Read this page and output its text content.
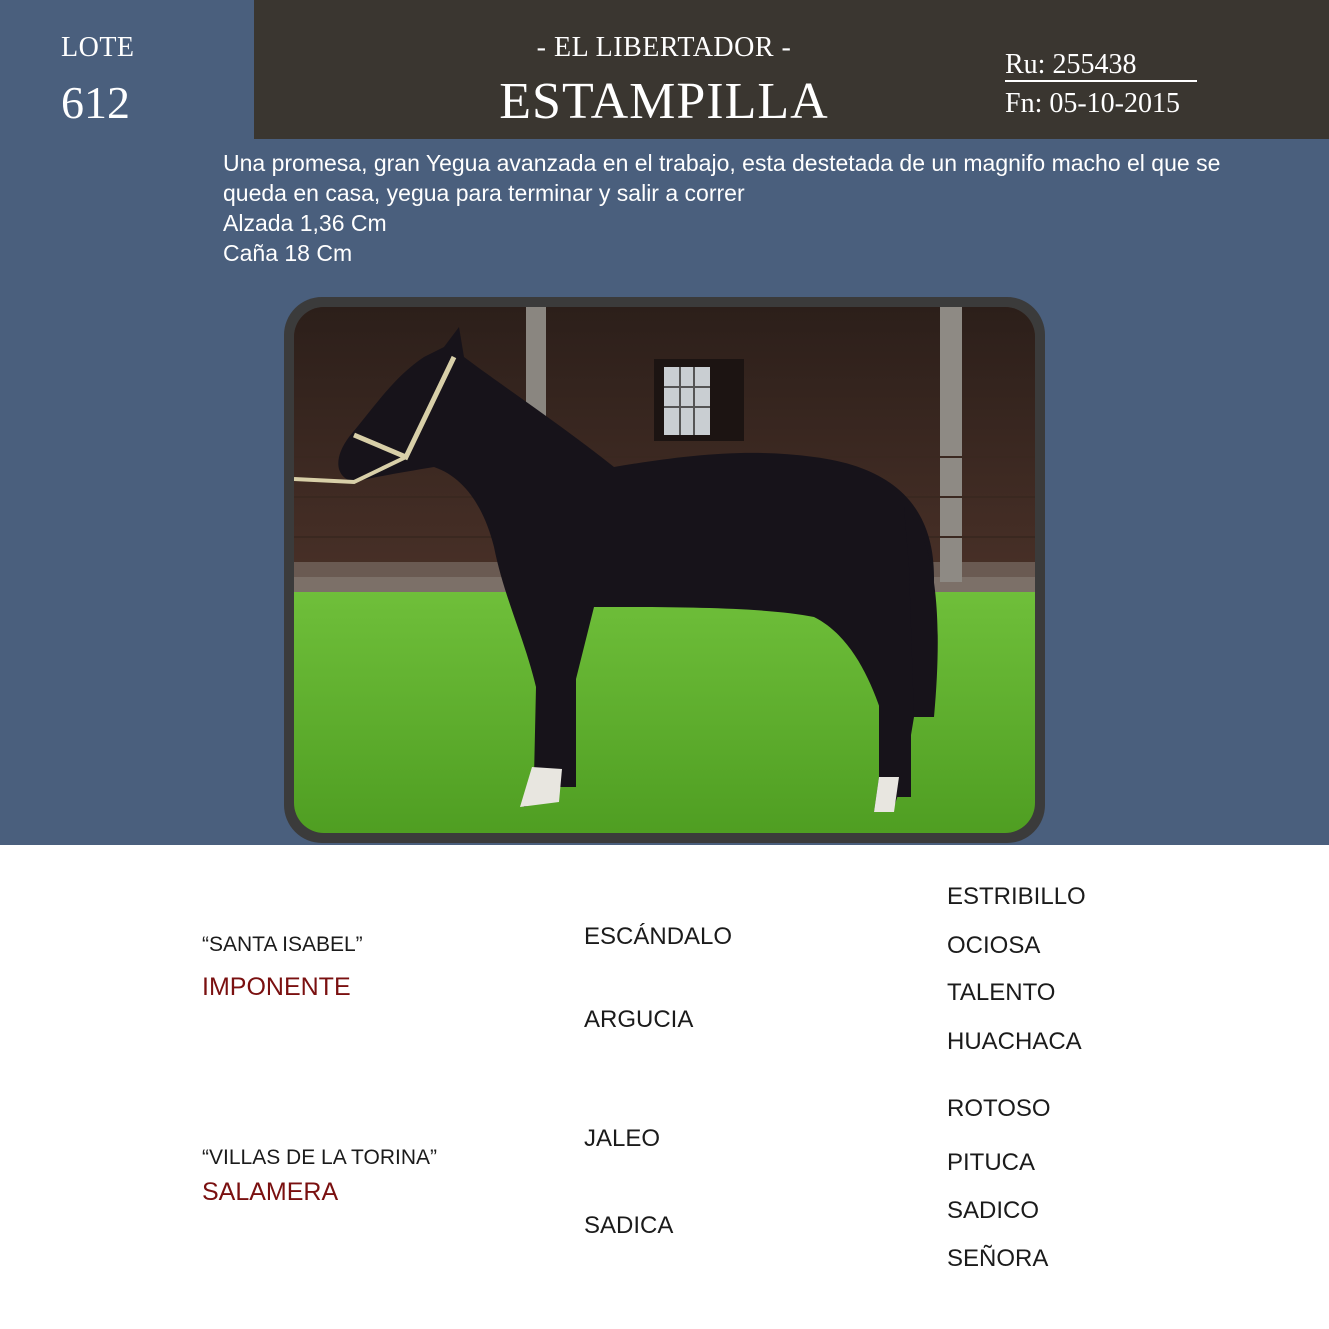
LOTE
612
- EL LIBERTADOR -
ESTAMPILLA
Ru: 255438
Fn: 05-10-2015
Una promesa, gran Yegua avanzada en el trabajo, esta destetada de un magnifo macho el que se
queda en casa, yegua para terminar y salir a correr
Alzada 1,36 Cm
Caña 18 Cm
“SANTA ISABEL”
IMPONENTE
ESCÁNDALO
ARGUCIA
ESTRIBILLO
OCIOSA
TALENTO
HUACHACA
“VILLAS DE LA TORINA”
SALAMERA
JALEO
SADICA
ROTOSO
PITUCA
SADICO
SEÑORA
